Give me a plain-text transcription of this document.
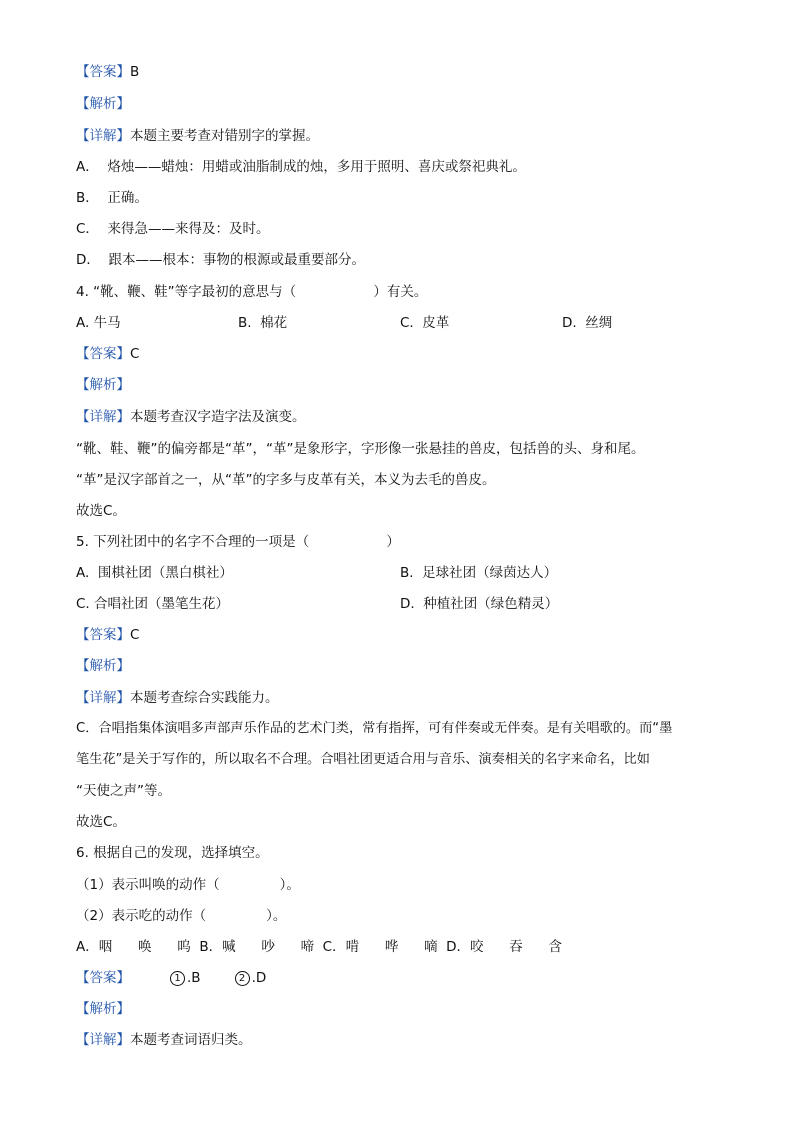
【答案】B
【解析】
【详解】本题主要考查对错别字的掌握。
A．  烙烛——蜡烛：用蜡或油脂制成的烛，多用于照明、喜庆或祭祀典礼。
B．  正确。
C．  来得急——来得及：及时。
D．  跟本——根本：事物的根源或最重要部分。
4. “靴、鞭、鞋”等字最初的意思与（                  ）有关。
A. 牛马	B.  棉花	C.  皮革	D.  丝绸
【答案】C
【解析】
【详解】本题考查汉字造字法及演变。
“靴、鞋、鞭”的偏旁都是“革”，“革”是象形字，字形像一张悬挂的兽皮，包括兽的头、身和尾。
“革”是汉字部首之一，从“革”的字多与皮革有关，本义为去毛的兽皮。
故选C。
5. 下列社团中的名字不合理的一项是（                  ）
A.  围棋社团（黑白棋社）	B.  足球社团（绿茵达人）
C. 合唱社团（墨笔生花）	D.  种植社团（绿色精灵）
【答案】C
【解析】
【详解】本题考查综合实践能力。
C．合唱指集体演唱多声部声乐作品的艺术门类，常有指挥，可有伴奏或无伴奏。是有关唱歌的。而“墨
笔生花”是关于写作的，所以取名不合理。合唱社团更适合用与音乐、演奏相关的名字来命名，比如
“天使之声”等。
故选C。
6. 根据自己的发现，选择填空。
（1）表示叫唤的动作（              ）。
（2）表示吃的动作（              ）。
A．咽      唤      呜  B．喊      吵      啼  C．啃      哗      嘀  D．咬      吞      含
【答案】	1 .B	2 .D
【解析】
【详解】本题考查词语归类。
